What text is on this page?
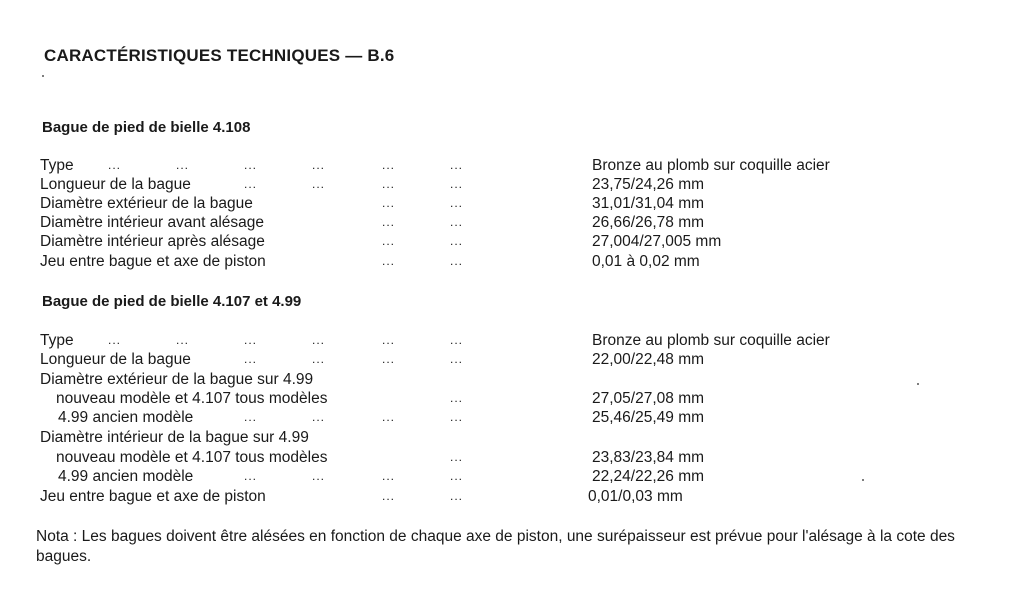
CARACTÉRISTIQUES TECHNIQUES — B.6
Bague de pied de bielle 4.108
Type	...	...	...	...	...	...	Bronze au plomb sur coquille acier
Longueur de la bague	...	...	...	...	23,75/24,26 mm
Diamètre extérieur de la bague	...	...	31,01/31,04 mm
Diamètre intérieur avant alésage	...	...	26,66/26,78 mm
Diamètre intérieur après alésage	...	...	27,004/27,005 mm
Jeu entre bague et axe de piston	...	...	0,01 à 0,02 mm
Bague de pied de bielle 4.107 et 4.99
Type	...	...	...	...	...	...	Bronze au plomb sur coquille acier
Longueur de la bague	...	...	...	...	22,00/22,48 mm
Diamètre extérieur de la bague sur 4.99
nouveau modèle et 4.107 tous modèles	...	27,05/27,08 mm
4.99 ancien modèle	...	...	...	...	25,46/25,49 mm
Diamètre intérieur de la bague sur 4.99
nouveau modèle et 4.107 tous modèles	...	23,83/23,84 mm
4.99 ancien modèle	...	...	...	...	22,24/22,26 mm
Jeu entre bague et axe de piston	...	...	0,01/0,03 mm
Nota : Les bagues doivent être alésées en fonction de chaque axe de piston, une surépaisseur est prévue pour l'alésage à la cote des bagues.
